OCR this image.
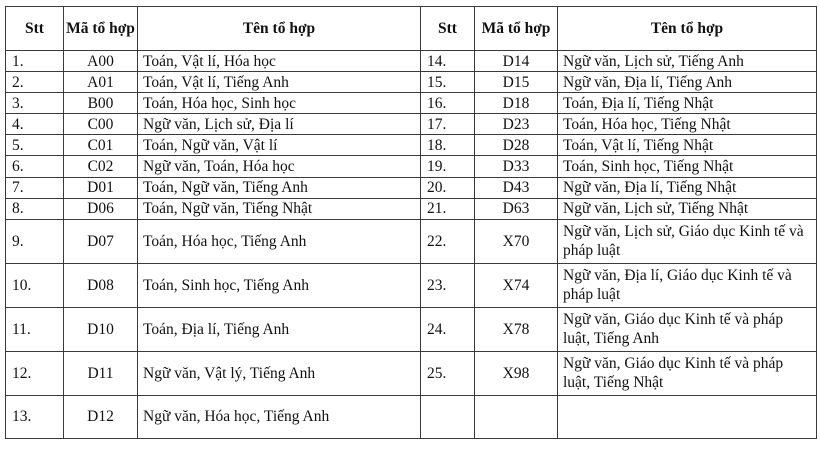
Stt	Mã tổ hợp	Tên tổ hợp	Stt	Mã tổ hợp	Tên tổ hợp
1.	A00	Toán, Vật lí, Hóa học	14.	D14	Ngữ văn, Lịch sử, Tiếng Anh
2.	A01	Toán, Vật lí, Tiếng Anh	15.	D15	Ngữ văn, Địa lí, Tiếng Anh
3.	B00	Toán, Hóa học, Sinh học	16.	D18	Toán, Địa lí, Tiếng Nhật
4.	C00	Ngữ văn, Lịch sử, Địa lí	17.	D23	Toán, Hóa học, Tiếng Nhật
5.	C01	Toán, Ngữ văn, Vật lí	18.	D28	Toán, Vật lí, Tiếng Nhật
6.	C02	Ngữ văn, Toán, Hóa học	19.	D33	Toán, Sinh học, Tiếng Nhật
7.	D01	Toán, Ngữ văn, Tiếng Anh	20.	D43	Ngữ văn, Địa lí, Tiếng Nhật
8.	D06	Toán, Ngữ văn, Tiếng Nhật	21.	D63	Ngữ văn, Lịch sử, Tiếng Nhật
9.	D07	Toán, Hóa học, Tiếng Anh	22.	X70	Ngữ văn, Lịch sử, Giáo dục Kinh tế và pháp luật
10.	D08	Toán, Sinh học, Tiếng Anh	23.	X74	Ngữ văn, Địa lí, Giáo dục Kinh tế và pháp luật
11.	D10	Toán, Địa lí, Tiếng Anh	24.	X78	Ngữ văn, Giáo dục Kinh tế và pháp luật, Tiếng Anh
12.	D11	Ngữ văn, Vật lý, Tiếng Anh	25.	X98	Ngữ văn, Giáo dục Kinh tế và pháp luật, Tiếng Nhật
13.	D12	Ngữ văn, Hóa học, Tiếng Anh			
